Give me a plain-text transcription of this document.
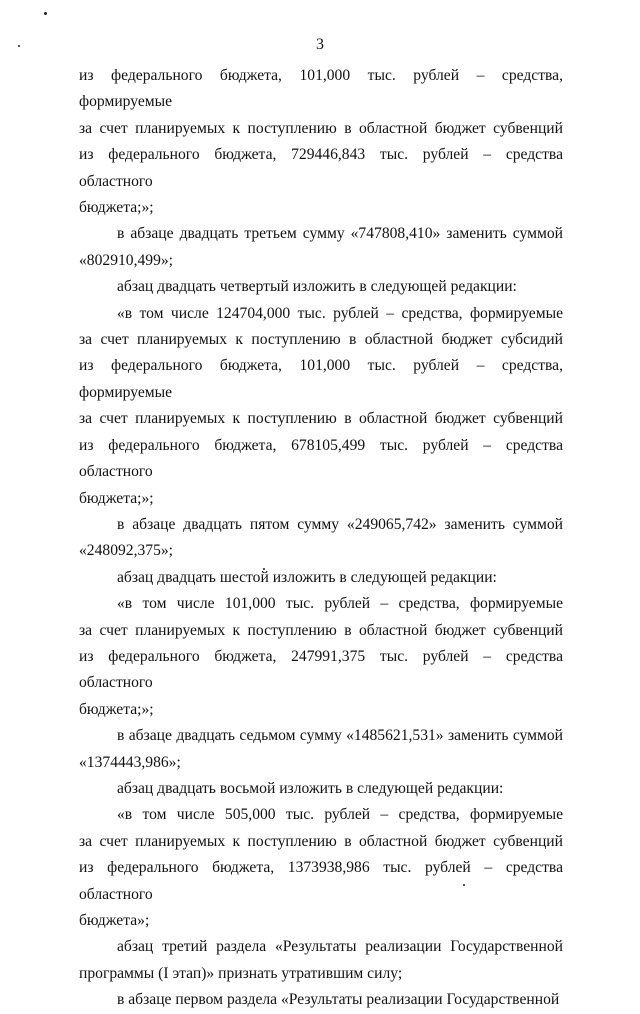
3
из федерального бюджета, 101,000 тыс. рублей – средства, формируемые
за счет планируемых к поступлению в областной бюджет субвенций
из федерального бюджета, 729446,843 тыс. рублей – средства областного
бюджета;»;
в абзаце двадцать третьем сумму «747808,410» заменить суммой
«802910,499»;
абзац двадцать четвертый изложить в следующей редакции:
«в том числе 124704,000 тыс. рублей – средства, формируемые
за счет планируемых к поступлению в областной бюджет субсидий
из федерального бюджета, 101,000 тыс. рублей – средства, формируемые
за счет планируемых к поступлению в областной бюджет субвенций
из федерального бюджета, 678105,499 тыс. рублей – средства областного
бюджета;»;
в абзаце двадцать пятом сумму «249065,742» заменить суммой
«248092,375»;
абзац двадцать шестой изложить в следующей редакции:
«в том числе 101,000 тыс. рублей – средства, формируемые
за счет планируемых к поступлению в областной бюджет субвенций
из федерального бюджета, 247991,375 тыс. рублей – средства областного
бюджета;»;
в абзаце двадцать седьмом сумму «1485621,531» заменить суммой
«1374443,986»;
абзац двадцать восьмой изложить в следующей редакции:
«в том числе 505,000 тыс. рублей – средства, формируемые
за счет планируемых к поступлению в областной бюджет субвенций
из федерального бюджета, 1373938,986 тыс. рублей – средства областного
бюджета»;
абзац третий раздела «Результаты реализации Государственной
программы (I этап)» признать утратившим силу;
в абзаце первом раздела «Результаты реализации Государственной
